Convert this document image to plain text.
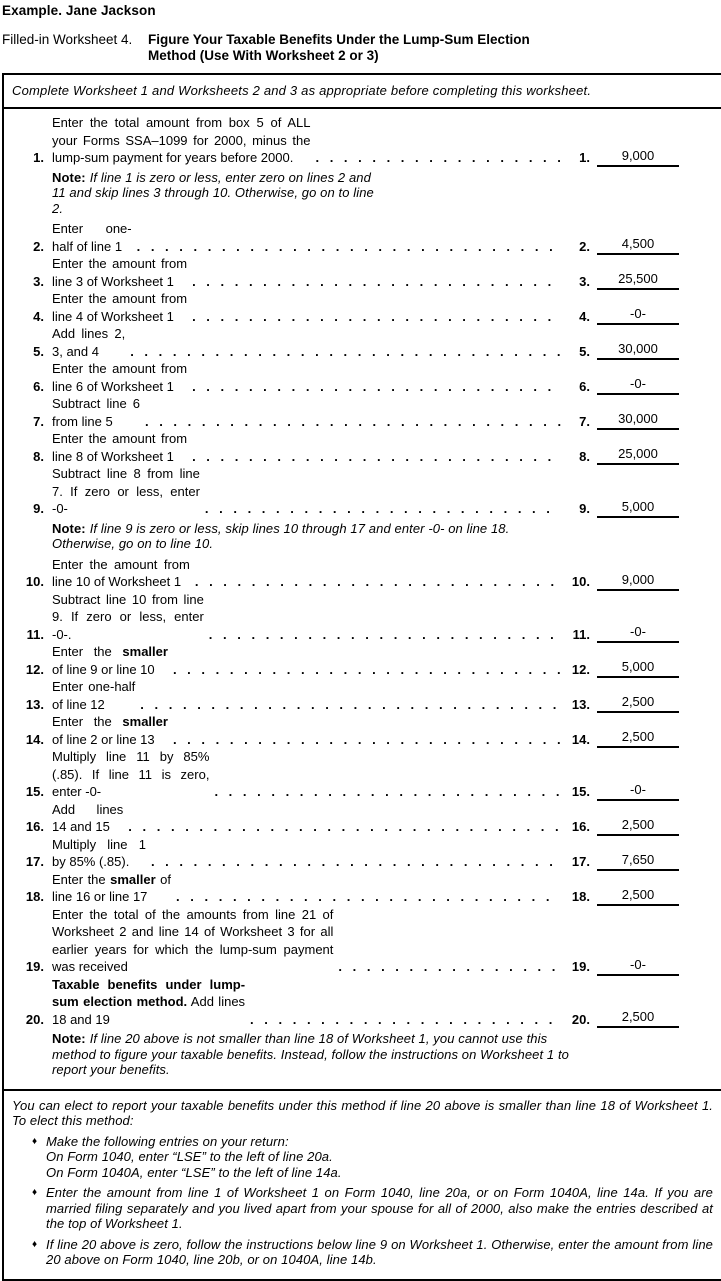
Example. Jane Jackson
Filled-in Worksheet 4.	Figure Your Taxable Benefits Under the Lump-Sum Election
Method (Use With Worksheet 2 or 3)
Complete Worksheet 1 and Worksheets 2 and 3 as appropriate before completing this worksheet.
1.
Enter the total amount from box 5 of ALL your Forms SSA–1099 for 2000, minus the lump-sum payment for years before 2000. . . .	1.	9,000
Note: If line 1 is zero or less, enter zero on lines 2 and 11 and skip lines 3 through 10. Otherwise, go on to line 2.
2.
Enter one-half of line 1 . . .	2.	4,500
3.
Enter the amount from line 3 of Worksheet 1 . . .	3.	25,500
4.
Enter the amount from line 4 of Worksheet 1 . . .	4.	-0-
5.
Add lines 2, 3, and 4 . . .	5.	30,000
6.
Enter the amount from line 6 of Worksheet 1 . . .	6.	-0-
7.
Subtract line 6 from line 5 . . .	7.	30,000
8.
Enter the amount from line 8 of Worksheet 1 . . .	8.	25,000
9.
Subtract line 8 from line 7. If zero or less, enter -0- . . .	9.	5,000
Note: If line 9 is zero or less, skip lines 10 through 17 and enter -0- on line 18. Otherwise, go on to line 10.
10.
Enter the amount from line 10 of Worksheet 1 . . .	10.	9,000
11.
Subtract line 10 from line 9. If zero or less, enter -0-. . . .	11.	-0-
12.
Enter the smaller of line 9 or line 10 . . .	12.	5,000
13.
Enter one-half of line 12 . . .	13.	2,500
14.
Enter the smaller of line 2 or line 13 . . .	14.	2,500
15.
Multiply line 11 by 85% (.85). If line 11 is zero, enter -0- . . .	15.	-0-
16.
Add lines 14 and 15 . . .	16.	2,500
17.
Multiply line 1 by 85% (.85). . . .	17.	7,650
18.
Enter the smaller of line 16 or line 17 . . .	18.	2,500
19.
Enter the total of the amounts from line 21 of Worksheet 2 and line 14 of Worksheet 3 for all earlier years for which the lump-sum payment was received . . .	19.	-0-
20.
Taxable benefits under lump-sum election method. Add lines 18 and 19 . . .	20.	2,500
Note: If line 20 above is not smaller than line 18 of Worksheet 1, you cannot use this method to figure your taxable benefits. Instead, follow the instructions on Worksheet 1 to report your benefits.
You can elect to report your taxable benefits under this method if line 20 above is smaller than line 18 of Worksheet 1. To elect this method:
♦ Make the following entries on your return:
On Form 1040, enter “LSE” to the left of line 20a.
On Form 1040A, enter “LSE” to the left of line 14a.
♦ Enter the amount from line 1 of Worksheet 1 on Form 1040, line 20a, or on Form 1040A, line 14a. If you are married filing separately and you lived apart from your spouse for all of 2000, also make the entries described at the top of Worksheet 1.
♦ If line 20 above is zero, follow the instructions below line 9 on Worksheet 1. Otherwise, enter the amount from line 20 above on Form 1040, line 20b, or on 1040A, line 14b.
